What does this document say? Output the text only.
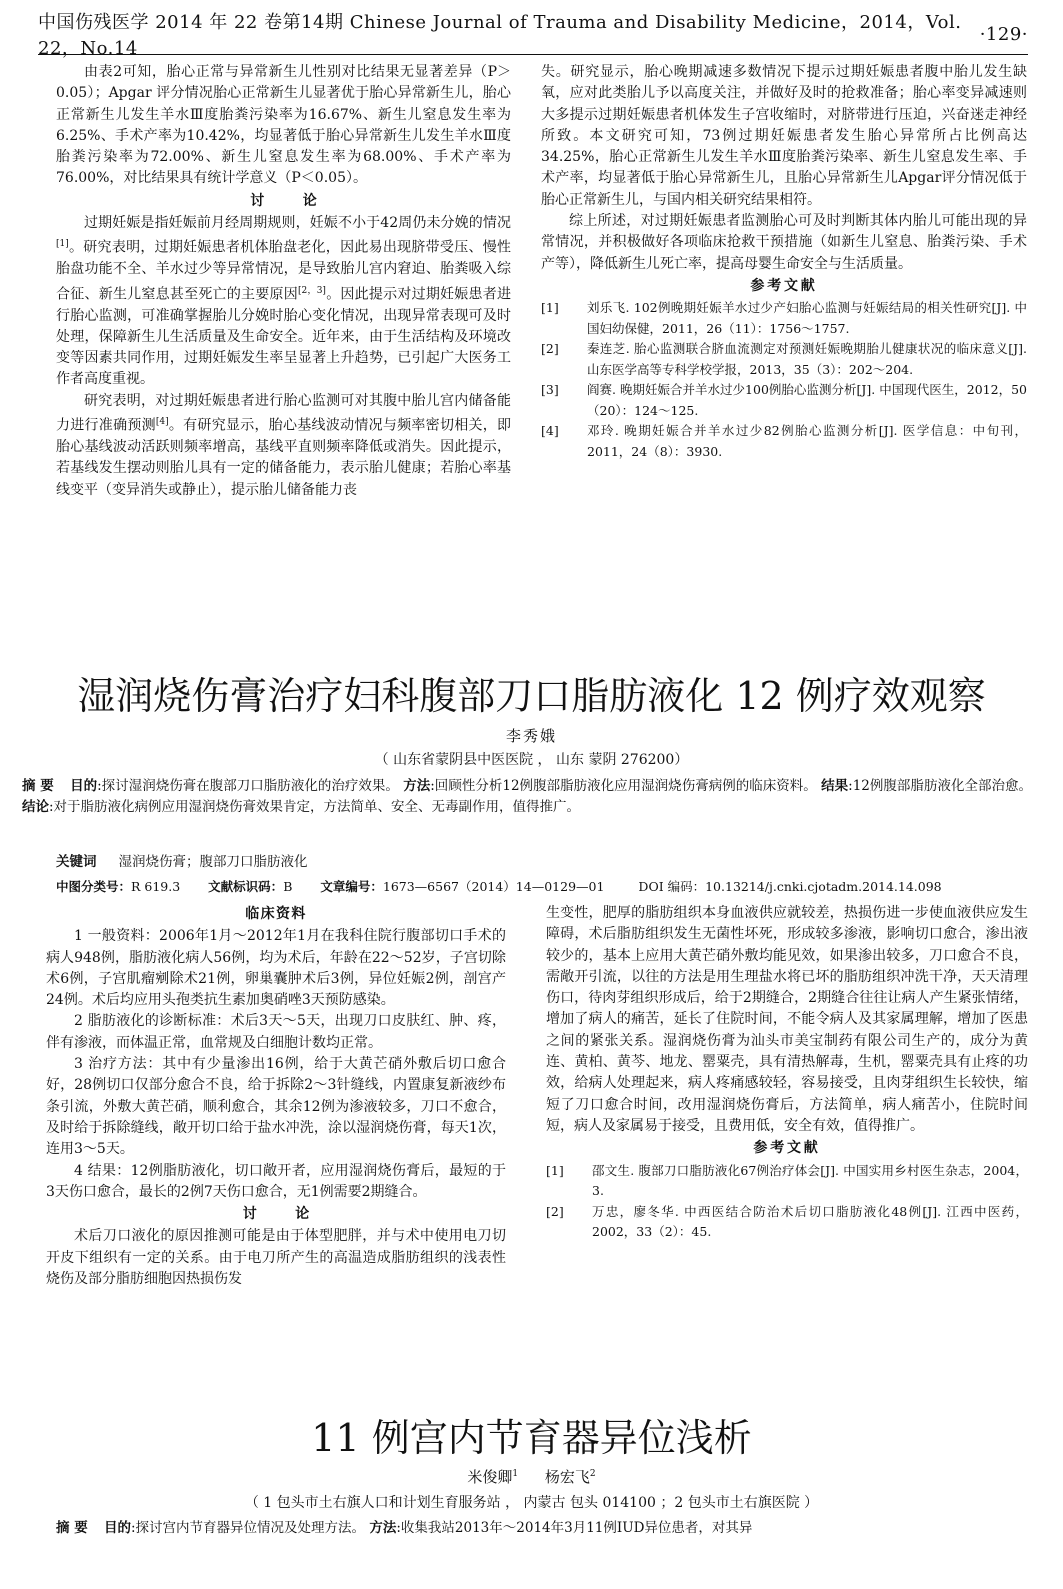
中国伤残医学 2014 年 22 卷第14期 Chinese Journal of Trauma and Disability Medicine，2014，Vol. 22，No.14
·129·

由表2可知，胎心正常与异常新生儿性别对比结果无显著差异（P＞0.05）；Apgar 评分情况胎心正常新生儿显著优于胎心异常新生儿，胎心正常新生儿发生羊水Ⅲ度胎粪污染率为16.67%、新生儿窒息发生率为6.25%、手术产率为10.42%，均显著低于胎心异常新生儿发生羊水Ⅲ度胎粪污染率为72.00%、新生儿窒息发生率为68.00%、手术产率为76.00%，对比结果具有统计学意义（P＜0.05）。

讨 论

过期妊娠是指妊娠前月经周期规则，妊娠不小于42周仍未分娩的情况[1]。研究表明，过期妊娠患者机体胎盘老化，因此易出现脐带受压、慢性胎盘功能不全、羊水过少等异常情况，是导致胎儿宫内窘迫、胎粪吸入综合征、新生儿窒息甚至死亡的主要原因[2，3]。因此提示对过期妊娠患者进行胎心监测，可准确掌握胎儿分娩时胎心变化情况，出现异常表现可及时处理，保障新生儿生活质量及生命安全。近年来，由于生活结构及环境改变等因素共同作用，过期妊娠发生率呈显著上升趋势，已引起广大医务工作者高度重视。

研究表明，对过期妊娠患者进行胎心监测可对其腹中胎儿宫内储备能力进行准确预测[4]。有研究显示，胎心基线波动情况与频率密切相关，即胎心基线波动活跃则频率增高，基线平直则频率降低或消失。因此提示，若基线发生摆动则胎儿具有一定的储备能力，表示胎儿健康；若胎心率基线变平（变异消失或静止），提示胎儿储备能力丧

失。研究显示，胎心晚期减速多数情况下提示过期妊娠患者腹中胎儿发生缺氧，应对此类胎儿予以高度关注，并做好及时的抢救准备；胎心率变异减速则大多提示过期妊娠患者机体发生子宫收缩时，对脐带进行压迫，兴奋迷走神经所致。本文研究可知，73例过期妊娠患者发生胎心异常所占比例高达34.25%，胎心正常新生儿发生羊水Ⅲ度胎粪污染率、新生儿窒息发生率、手术产率，均显著低于胎心异常新生儿，且胎心异常新生儿Apgar评分情况低于胎心正常新生儿，与国内相关研究结果相符。

综上所述，对过期妊娠患者监测胎心可及时判断其体内胎儿可能出现的异常情况，并积极做好各项临床抢救干预措施（如新生儿窒息、胎粪污染、手术产等），降低新生儿死亡率，提高母婴生命安全与生活质量。

参考文献
[1]	刘乐飞. 102例晚期妊娠羊水过少产妇胎心监测与妊娠结局的相关性研究[J]. 中国妇幼保健，2011，26（11）：1756～1757.
[2]	秦连芝. 胎心监测联合脐血流测定对预测妊娠晚期胎儿健康状况的临床意义[J]. 山东医学高等专科学校学报，2013，35（3）：202～204.
[3]	阎赛. 晚期妊娠合并羊水过少100例胎心监测分析[J]. 中国现代医生，2012，50（20）：124～125.
[4]	邓玲. 晚期妊娠合并羊水过少82例胎心监测分析[J]. 医学信息：中旬刊，2011，24（8）：3930.
湿润烧伤膏治疗妇科腹部刀口脂肪液化 12 例疗效观察
李秀娥
（ 山东省蒙阴县中医医院 ， 山东 蒙阴 276200）
摘 要 目的:探讨湿润烧伤膏在腹部刀口脂肪液化的治疗效果。 方法:回顾性分析12例腹部脂肪液化应用湿润烧伤膏病例的临床资料。 结果:12例腹部脂肪液化全部治愈。 结论:对于脂肪液化病例应用湿润烧伤膏效果肯定，方法简单、安全、无毒副作用，值得推广。
关键词 湿润烧伤膏；腹部刀口脂肪液化
中图分类号：R 619.3 文献标识码：B 文章编号：1673—6567（2014）14—0129—01	DOI 编码：10.13214/j.cnki.cjotadm.2014.14.098
临床资料

1 一般资料：2006年1月～2012年1月在我科住院行腹部切口手术的病人948例，脂肪液化病人56例，均为术后，年龄在22～52岁，子宫切除术6例，子宫肌瘤剜除术21例，卵巢囊肿术后3例，异位妊娠2例，剖宫产24例。术后均应用头孢类抗生素加奥硝唑3天预防感染。

2 脂肪液化的诊断标准：术后3天～5天，出现刀口皮肤红、肿、疼，伴有渗液，而体温正常，血常规及白细胞计数均正常。

3 治疗方法：其中有少量渗出16例，给于大黄芒硝外敷后切口愈合好，28例切口仅部分愈合不良，给于拆除2～3针缝线，内置康复新液纱布条引流，外敷大黄芒硝，顺利愈合，其余12例为渗液较多，刀口不愈合，及时给于拆除缝线，敞开切口给于盐水冲洗，涂以湿润烧伤膏，每天1次，连用3～5天。

4 结果：12例脂肪液化，切口敞开者，应用湿润烧伤膏后，最短的于3天伤口愈合，最长的2例7天伤口愈合，无1例需要2期缝合。

讨 论

术后刀口液化的原因推测可能是由于体型肥胖，并与术中使用电刀切开皮下组织有一定的关系。由于电刀所产生的高温造成脂肪组织的浅表性烧伤及部分脂肪细胞因热损伤发

生变性，肥厚的脂肪组织本身血液供应就较差，热损伤进一步使血液供应发生障碍，术后脂肪组织发生无菌性坏死，形成较多渗液，影响切口愈合，渗出液较少的，基本上应用大黄芒硝外敷均能见效，如果渗出较多，刀口愈合不良，需敞开引流，以往的方法是用生理盐水将已坏的脂肪组织冲洗干净，天天清理伤口，待肉芽组织形成后，给于2期缝合，2期缝合往往让病人产生紧张情绪，增加了病人的痛苦，延长了住院时间，不能令病人及其家属理解，增加了医患之间的紧张关系。湿润烧伤膏为汕头市美宝制药有限公司生产的，成分为黄连、黄柏、黄芩、地龙、罂粟壳，具有清热解毒，生机，罂粟壳具有止疼的功效，给病人处理起来，病人疼痛感较轻，容易接受，且肉芽组织生长较快，缩短了刀口愈合时间，改用湿润烧伤膏后，方法简单，病人痛苦小，住院时间短，病人及家属易于接受，且费用低，安全有效，值得推广。

参考文献
[1]	邵文生. 腹部刀口脂肪液化67例治疗体会[J]. 中国实用乡村医生杂志，2004，3.
[2]	万忠，廖冬华. 中西医结合防治术后切口脂肪液化48例[J]. 江西中医药，2002，33（2）：45.
11 例宫内节育器异位浅析
米俊卿$^1$ 杨宏飞$^2$
（ 1 包头市土右旗人口和计划生育服务站 ， 内蒙古 包头 014100 ；2 包头市土右旗医院 ）
摘 要 目的:探讨宫内节育器异位情况及处理方法。 方法:收集我站2013年～2014年3月11例IUD异位患者，对其异
